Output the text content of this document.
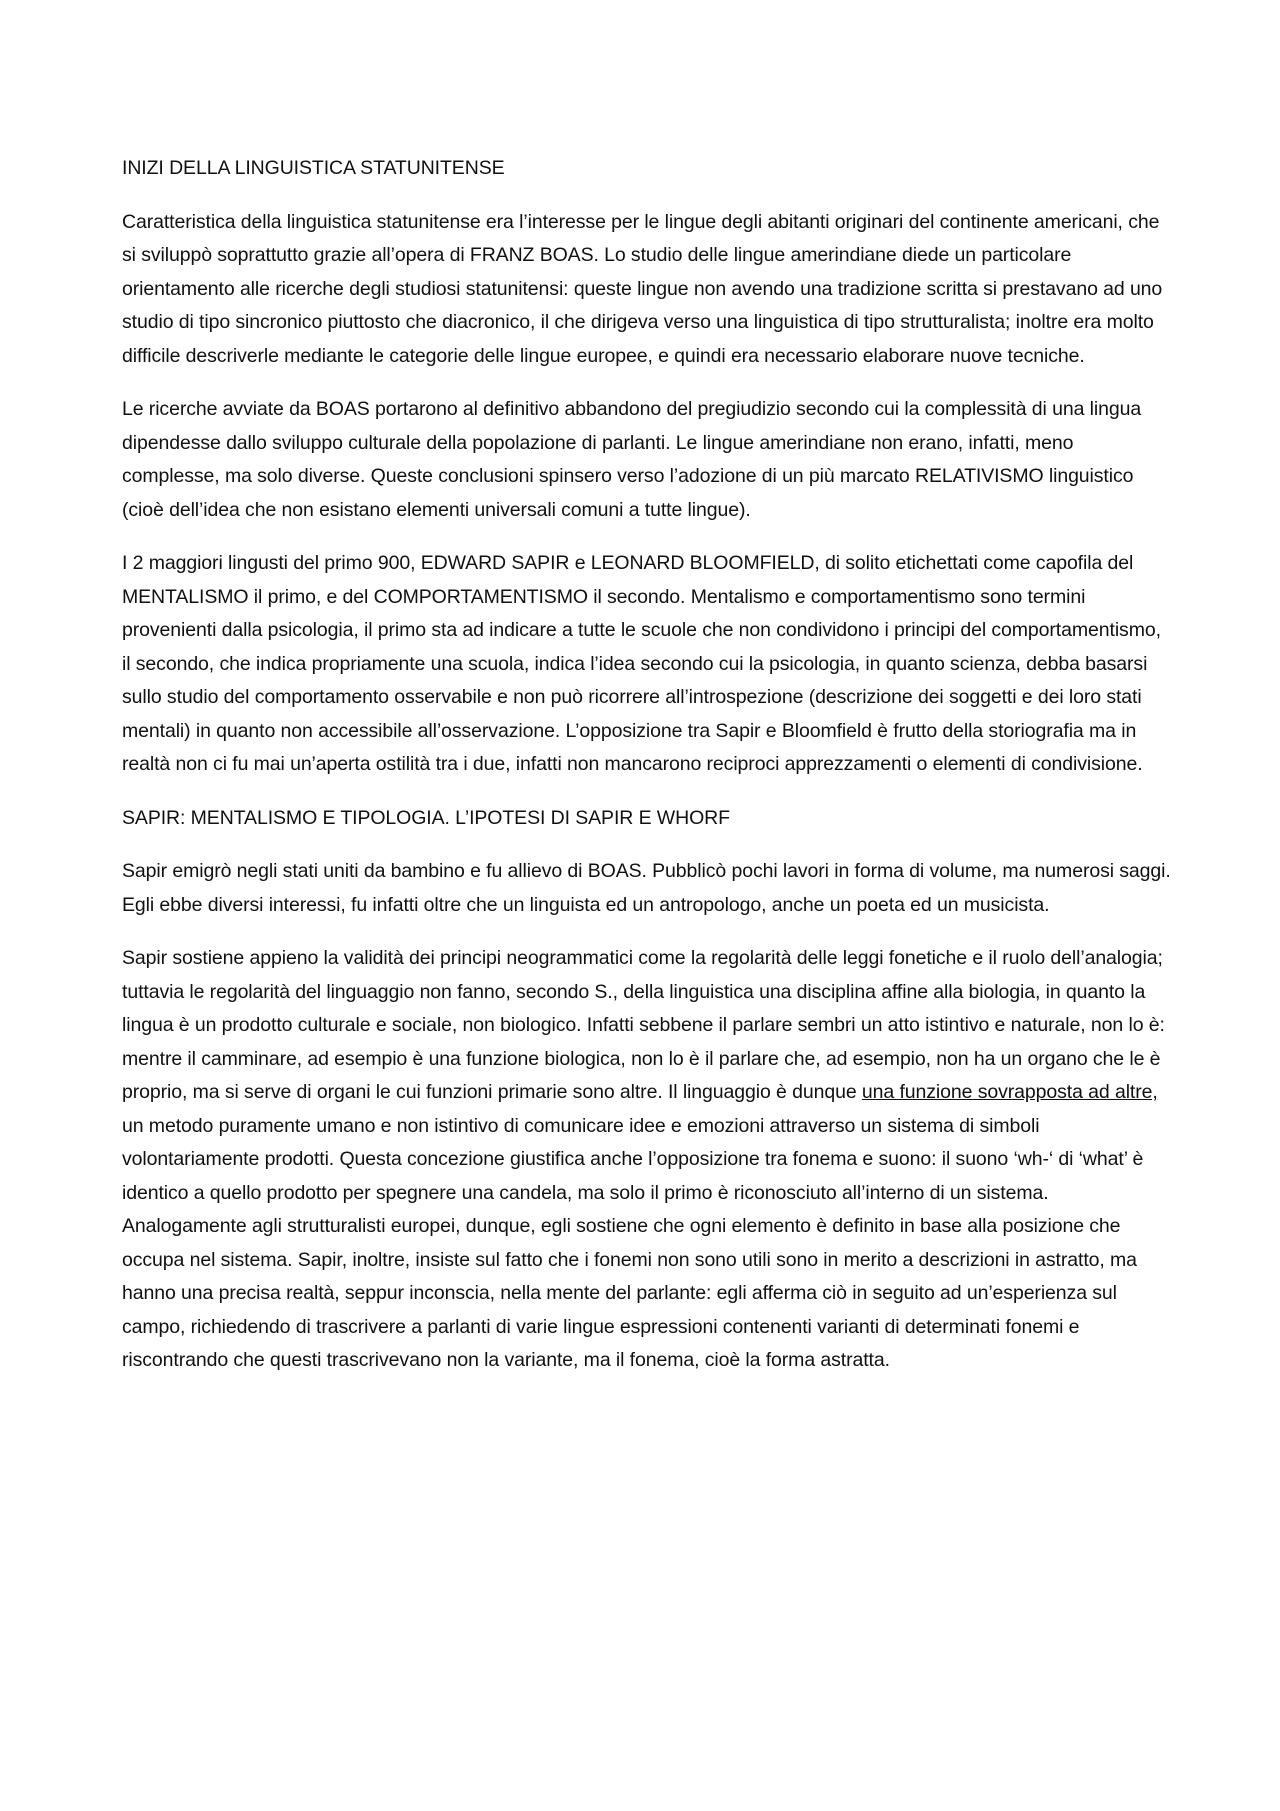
INIZI DELLA LINGUISTICA STATUNITENSE

Caratteristica della linguistica statunitense era l’interesse per le lingue degli abitanti originari del continente americani, che si sviluppò soprattutto grazie all’opera di FRANZ BOAS. Lo studio delle lingue amerindiane diede un particolare orientamento alle ricerche degli studiosi statunitensi: queste lingue non avendo una tradizione scritta si prestavano ad uno studio di tipo sincronico piuttosto che diacronico, il che dirigeva verso una linguistica di tipo strutturalista; inoltre era molto difficile descriverle mediante le categorie delle lingue europee, e quindi era necessario elaborare nuove tecniche.

Le ricerche avviate da BOAS portarono al definitivo abbandono del pregiudizio secondo cui la complessità di una lingua dipendesse dallo sviluppo culturale della popolazione di parlanti. Le lingue amerindiane non erano, infatti, meno complesse, ma solo diverse. Queste conclusioni spinsero verso l’adozione di un più marcato RELATIVISMO linguistico (cioè dell’idea che non esistano elementi universali comuni a tutte lingue).

I 2 maggiori lingusti del primo 900, EDWARD SAPIR e LEONARD BLOOMFIELD, di solito etichettati come capofila del MENTALISMO il primo, e del COMPORTAMENTISMO il secondo. Mentalismo e comportamentismo sono termini provenienti dalla psicologia, il primo sta ad indicare a tutte le scuole che non condividono i principi del comportamentismo, il secondo, che indica propriamente una scuola, indica l’idea secondo cui la psicologia, in quanto scienza, debba basarsi sullo studio del comportamento osservabile e non può ricorrere all’introspezione (descrizione dei soggetti e dei loro stati mentali) in quanto non accessibile all’osservazione. L’opposizione tra Sapir e Bloomfield è frutto della storiografia ma in realtà non ci fu mai un’aperta ostilità tra i due, infatti non mancarono reciproci apprezzamenti o elementi di condivisione.

SAPIR: MENTALISMO E TIPOLOGIA. L’IPOTESI DI SAPIR E WHORF

Sapir emigrò negli stati uniti da bambino e fu allievo di BOAS. Pubblicò pochi lavori in forma di volume, ma numerosi saggi. Egli ebbe diversi interessi, fu infatti oltre che un linguista ed un antropologo, anche un poeta ed un musicista.

Sapir sostiene appieno la validità dei principi neogrammatici come la regolarità delle leggi fonetiche e il ruolo dell’analogia; tuttavia le regolarità del linguaggio non fanno, secondo S., della linguistica una disciplina affine alla biologia, in quanto la lingua è un prodotto culturale e sociale, non biologico. Infatti sebbene il parlare sembri un atto istintivo e naturale, non lo è: mentre il camminare, ad esempio è una funzione biologica, non lo è il parlare che, ad esempio, non ha un organo che le è proprio, ma si serve di organi le cui funzioni primarie sono altre. Il linguaggio è dunque una funzione sovrapposta ad altre, un metodo puramente umano e non istintivo di comunicare idee e emozioni attraverso un sistema di simboli volontariamente prodotti. Questa concezione giustifica anche l’opposizione tra fonema e suono: il suono ‘wh-‘ di ‘what’ è identico a quello prodotto per spegnere una candela, ma solo il primo è riconosciuto all’interno di un sistema. Analogamente agli strutturalisti europei, dunque, egli sostiene che ogni elemento è definito in base alla posizione che occupa nel sistema. Sapir, inoltre, insiste sul fatto che i fonemi non sono utili sono in merito a descrizioni in astratto, ma hanno una precisa realtà, seppur inconscia, nella mente del parlante: egli afferma ciò in seguito ad un’esperienza sul campo, richiedendo di trascrivere a parlanti di varie lingue espressioni contenenti varianti di determinati fonemi e riscontrando che questi trascrivevano non la variante, ma il fonema, cioè la forma astratta.
